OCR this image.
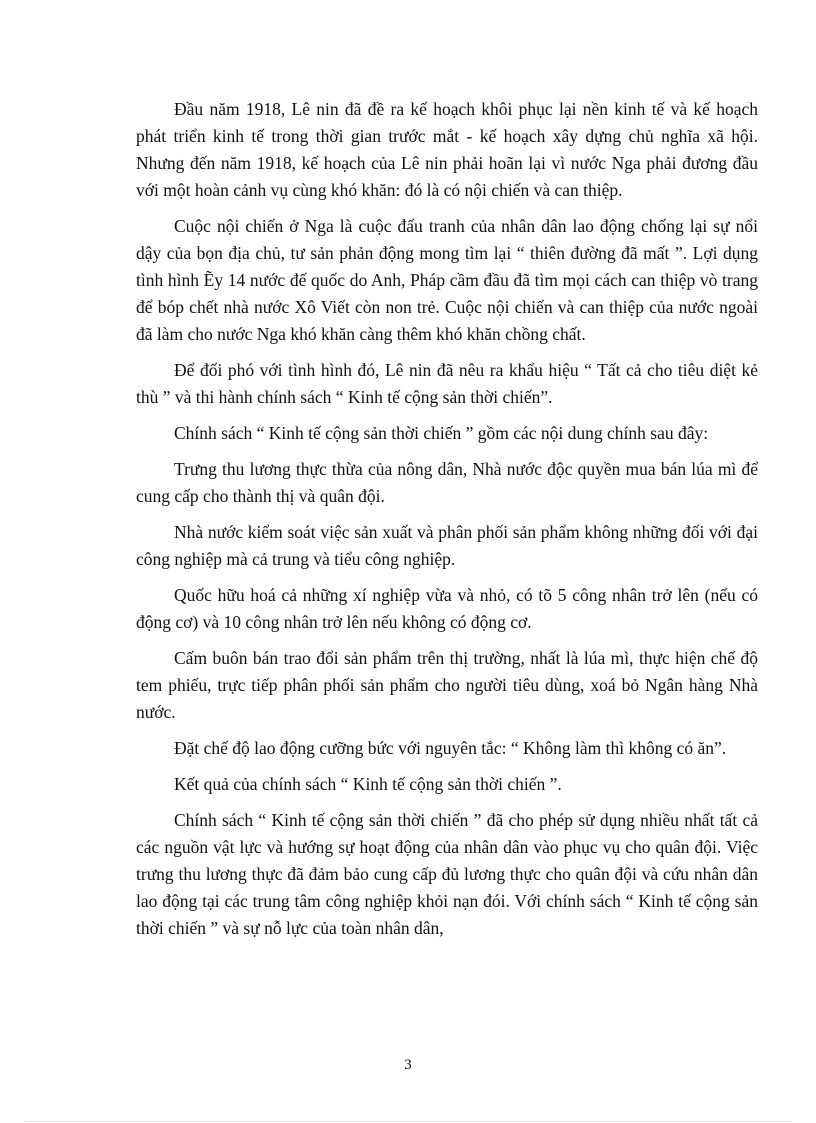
Đầu năm 1918, Lê nin đã đề ra kế hoạch khôi phục lại nền kinh tế và kế hoạch phát triển kinh tế trong thời gian trước mắt - kế hoạch xây dựng chủ nghĩa xã hội. Nhưng đến năm 1918, kế hoạch của Lê nin phải hoãn lại vì nước Nga phải đương đầu với một hoàn cảnh vụ cùng khó khăn: đó là có nội chiến và can thiệp.

Cuộc nội chiến ở Nga là cuộc đấu tranh của nhân dân lao động chống lại sự nổi dậy của bọn địa chủ, tư sản phản động mong tìm lại “ thiên đường đã mất ”. Lợi dụng tình hình Ẽy 14 nước đế quốc do Anh, Pháp cầm đầu đã tìm mọi cách can thiệp vò trang để bóp chết nhà nước Xô Viết còn non trẻ. Cuộc nội chiến và can thiệp của nước ngoài đã làm cho nước Nga khó khăn càng thêm khó khăn chồng chất.

Để đối phó với tình hình đó, Lê nin đã nêu ra khẩu hiệu “ Tất cả cho tiêu diệt kẻ thù ” và thi hành chính sách “ Kinh tế cộng sản thời chiến”.

Chính sách “ Kinh tế cộng sản thời chiến ” gồm các nội dung chính sau đây:

Trưng thu lương thực thừa của nông dân, Nhà nước độc quyền mua bán lúa mì để cung cấp cho thành thị và quân đội.

Nhà nước kiểm soát việc sản xuất và phân phối sản phẩm không những đối với đại công nghiệp mà cả trung và tiểu công nghiệp.

Quốc hữu hoá cả những xí nghiệp vừa và nhỏ, có tõ 5 công nhân trở lên (nếu có động cơ) và 10 công nhân trở lên nếu không có động cơ.

Cấm buôn bán trao đổi sản phẩm trên thị trường, nhất là lúa mì, thực hiện chế độ tem phiếu, trực tiếp phân phối sản phẩm cho người tiêu dùng, xoá bỏ Ngân hàng Nhà nước.

Đặt chế độ lao động cưỡng bức với nguyên tắc: “ Không làm thì không có ăn”.

Kết quả của chính sách “ Kinh tế cộng sản thời chiến ”.

Chính sách “ Kinh tế cộng sản thời chiến ” đã cho phép sử dụng nhiều nhất tất cả các nguồn vật lực và hướng sự hoạt động của nhân dân vào phục vụ cho quân đội. Việc trưng thu lương thực đã đảm bảo cung cấp đủ lương thực cho quân đội và cứu nhân dân lao động tại các trung tâm công nghiệp khỏi nạn đói. Với chính sách “ Kinh tế cộng sản thời chiến ” và sự nỗ lực của toàn nhân dân,

3
